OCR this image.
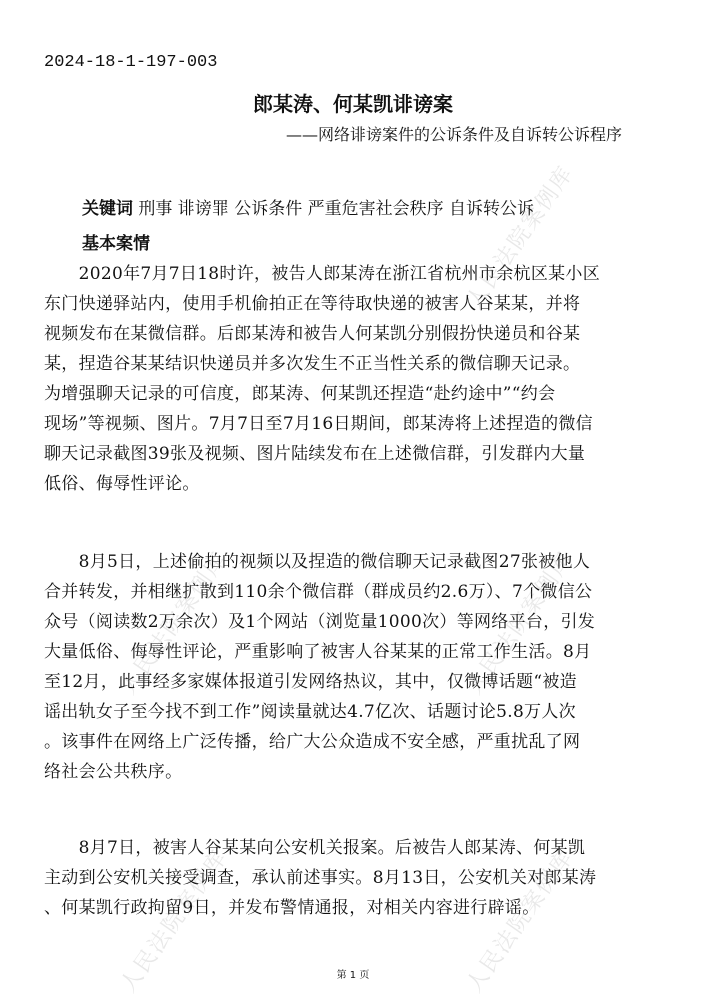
2024-18-1-197-003
郎某涛、何某凯诽谤案
——网络诽谤案件的公诉条件及自诉转公诉程序
关键词 刑事 诽谤罪 公诉条件 严重危害社会秩序 自诉转公诉
基本案情
　　2020年7月7日18时许，被告人郎某涛在浙江省杭州市余杭区某小区
东门快递驿站内，使用手机偷拍正在等待取快递的被害人谷某某，并将
视频发布在某微信群。后郎某涛和被告人何某凯分别假扮快递员和谷某
某，捏造谷某某结识快递员并多次发生不正当性关系的微信聊天记录。
为增强聊天记录的可信度，郎某涛、何某凯还捏造“赴约途中”“约会
现场”等视频、图片。7月7日至7月16日期间，郎某涛将上述捏造的微信
聊天记录截图39张及视频、图片陆续发布在上述微信群，引发群内大量
低俗、侮辱性评论。
　　8月5日，上述偷拍的视频以及捏造的微信聊天记录截图27张被他人
合并转发，并相继扩散到110余个微信群（群成员约2.6万）、7个微信公
众号（阅读数2万余次）及1个网站（浏览量1000次）等网络平台，引发
大量低俗、侮辱性评论，严重影响了被害人谷某某的正常工作生活。8月
至12月，此事经多家媒体报道引发网络热议，其中，仅微博话题“被造
谣出轨女子至今找不到工作”阅读量就达4.7亿次、话题讨论5.8万人次
。该事件在网络上广泛传播，给广大公众造成不安全感，严重扰乱了网
络社会公共秩序。
　　8月7日，被害人谷某某向公安机关报案。后被告人郎某涛、何某凯
主动到公安机关接受调查，承认前述事实。8月13日，公安机关对郎某涛
、何某凯行政拘留9日，并发布警情通报，对相关内容进行辟谣。
第 1 页
人民法院案例库
人民法院案例库	人民法院案例库
人民法院案例库	人民法院案例库
